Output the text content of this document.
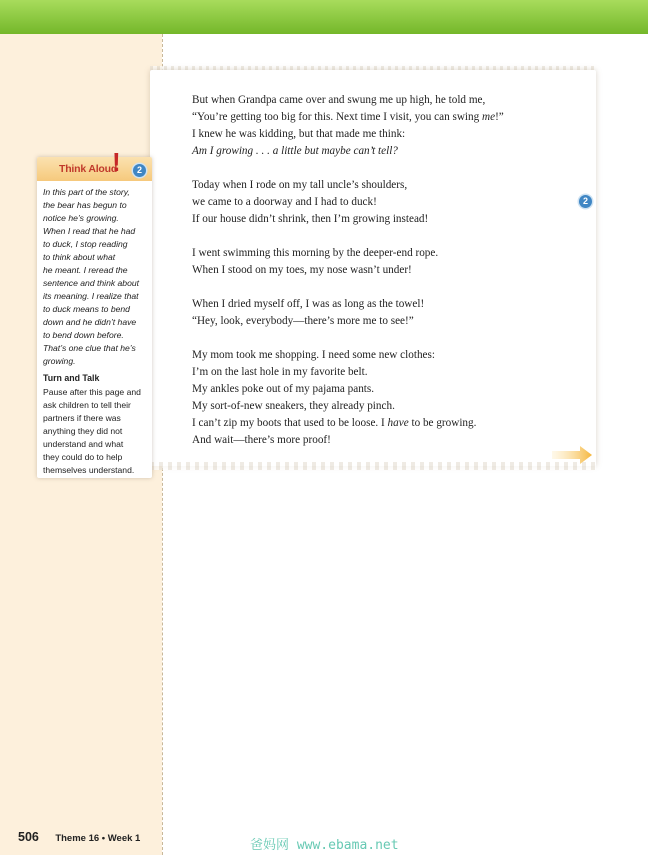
But when Grandpa came over and swung me up high, he told me,
“You’re getting too big for this. Next time I visit, you can swing me!”
I knew he was kidding, but that made me think:
Am I growing . . . a little but maybe can’t tell?
Today when I rode on my tall uncle’s shoulders,
we came to a doorway and I had to duck!
If our house didn’t shrink, then I’m growing instead!
I went swimming this morning by the deeper-end rope.
When I stood on my toes, my nose wasn’t under!
When I dried myself off, I was as long as the towel!
“Hey, look, everybody—there’s more me to see!”
My mom took me shopping. I need some new clothes:
I’m on the last hole in my favorite belt.
My ankles poke out of my pajama pants.
My sort-of-new sneakers, they already pinch.
I can’t zip my boots that used to be loose. I have to be growing.
And wait—there’s more proof!
2
Think Aloud
!	2
In this part of the story,
the bear has begun to
notice he’s growing.
When I read that he had
to duck, I stop reading
to think about what
he meant. I reread the
sentence and think about
its meaning. I realize that
to duck means to bend
down and he didn’t have
to bend down before.
That’s one clue that he’s
growing.
Turn and Talk
Pause after this page and
ask children to tell their
partners if there was
anything they did not
understand and what
they could do to help
themselves understand.
506 Theme 16 • Week 1	爸妈网 www.ebama.net
